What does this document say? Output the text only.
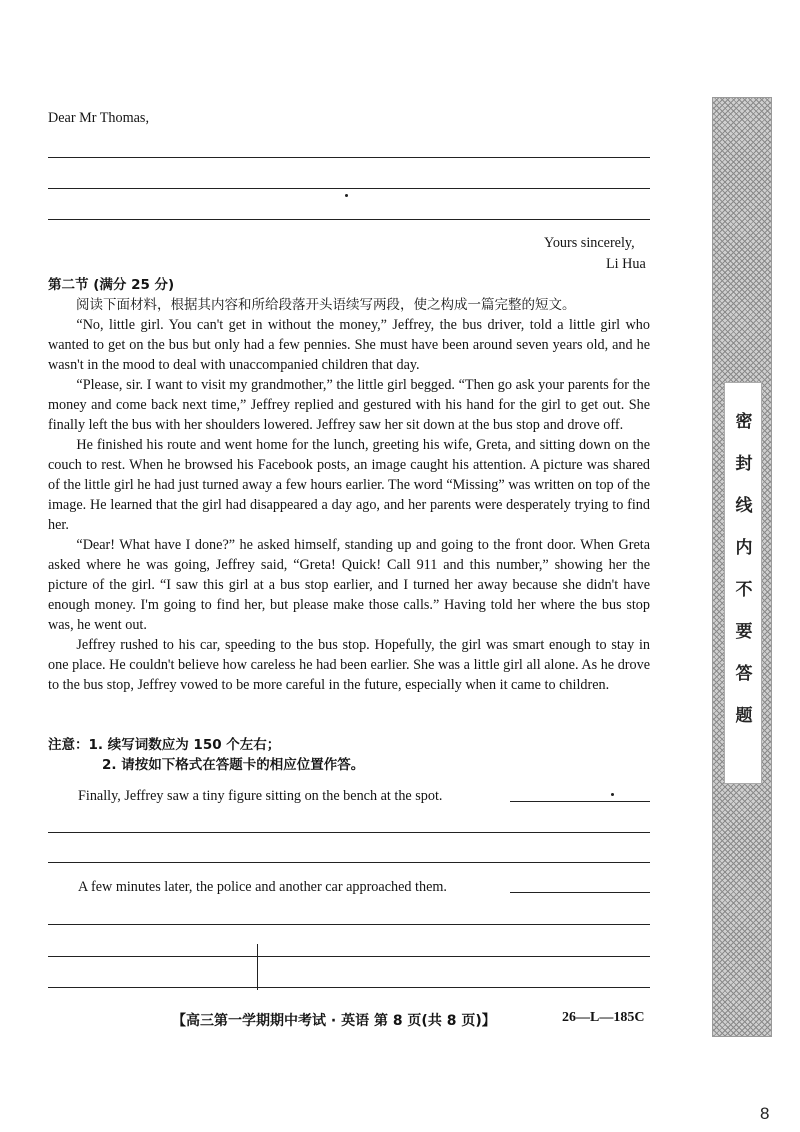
Dear Mr Thomas,
Yours sincerely,
Li Hua
第二节 (满分 25 分)
阅读下面材料，根据其内容和所给段落开头语续写两段，使之构成一篇完整的短文。

“No, little girl. You can't get in without the money,” Jeffrey, the bus driver, told a little girl who wanted to get on the bus but only had a few pennies. She must have been around seven years old, and he wasn't in the mood to deal with unaccompanied children that day.

“Please, sir. I want to visit my grandmother,” the little girl begged. “Then go ask your parents for the money and come back next time,” Jeffrey replied and gestured with his hand for the girl to get out. She finally left the bus with her shoulders lowered. Jeffrey saw her sit down at the bus stop and drove off.

He finished his route and went home for the lunch, greeting his wife, Greta, and sitting down on the couch to rest. When he browsed his Facebook posts, an image caught his attention. A picture was shared of the little girl he had just turned away a few hours earlier. The word “Missing” was written on top of the image. He learned that the girl had disappeared a day ago, and her parents were desperately trying to find her.

“Dear! What have I done?” he asked himself, standing up and going to the front door. When Greta asked where he was going, Jeffrey said, “Greta! Quick! Call 911 and this number,” showing her the picture of the girl. “I saw this girl at a bus stop earlier, and I turned her away because she didn't have enough money. I'm going to find her, but please make those calls.” Having told her where the bus stop was, he went out.

Jeffrey rushed to his car, speeding to the bus stop. Hopefully, the girl was smart enough to stay in one place. He couldn't believe how careless he had been earlier. She was a little girl all alone. As he drove to the bus stop, Jeffrey vowed to be more careful in the future, especially when it came to children.

注意：1. 续写词数应为 150 个左右；
2. 请按如下格式在答题卡的相应位置作答。
Finally, Jeffrey saw a tiny figure sitting on the bench at the spot.
A few minutes later, the police and another car approached them.
【高三第一学期期中考试 · 英语 第 8 页(共 8 页)】	26—L—185C
密封线内不要答题
8
